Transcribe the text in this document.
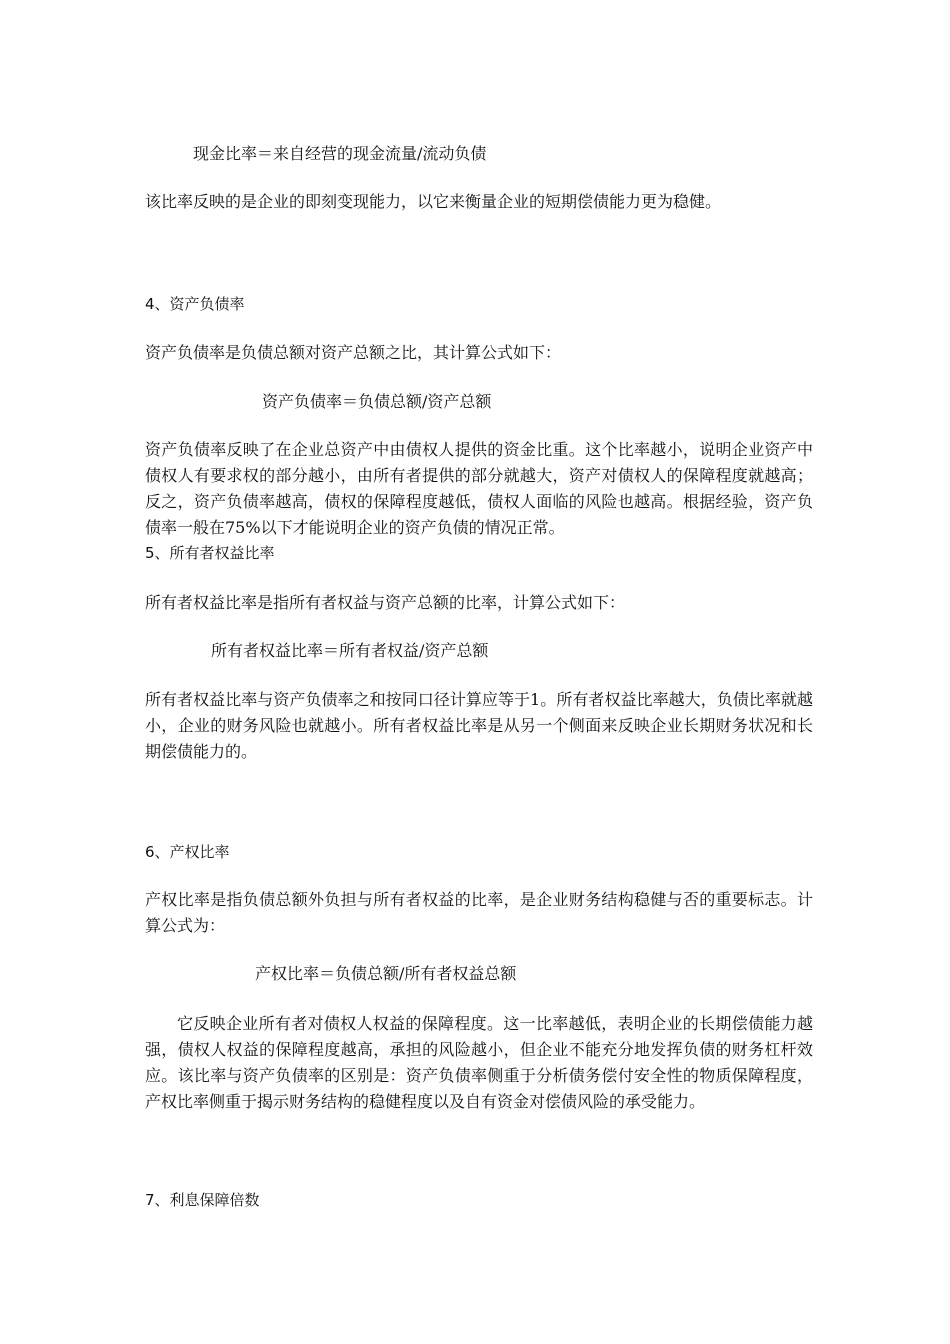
现金比率＝来自经营的现金流量/流动负债
该比率反映的是企业的即刻变现能力，以它来衡量企业的短期偿债能力更为稳健。
4、资产负债率
资产负债率是负债总额对资产总额之比，其计算公式如下：
资产负债率＝负债总额/资产总额
资产负债率反映了在企业总资产中由债权人提供的资金比重。这个比率越小，说明企业资产中债权人有要求权的部分越小，由所有者提供的部分就越大，资产对债权人的保障程度就越高；反之，资产负债率越高，债权的保障程度越低，债权人面临的风险也越高。根据经验，资产负债率一般在75%以下才能说明企业的资产负债的情况正常。
5、所有者权益比率
所有者权益比率是指所有者权益与资产总额的比率，计算公式如下：
所有者权益比率＝所有者权益/资产总额
所有者权益比率与资产负债率之和按同口径计算应等于1。所有者权益比率越大，负债比率就越小，企业的财务风险也就越小。所有者权益比率是从另一个侧面来反映企业长期财务状况和长期偿债能力的。
6、产权比率
产权比率是指负债总额外负担与所有者权益的比率，是企业财务结构稳健与否的重要标志。计算公式为：
产权比率＝负债总额/所有者权益总额
它反映企业所有者对债权人权益的保障程度。这一比率越低，表明企业的长期偿债能力越强，债权人权益的保障程度越高，承担的风险越小，但企业不能充分地发挥负债的财务杠杆效应。该比率与资产负债率的区别是：资产负债率侧重于分析债务偿付安全性的物质保障程度，产权比率侧重于揭示财务结构的稳健程度以及自有资金对偿债风险的承受能力。
7、利息保障倍数
